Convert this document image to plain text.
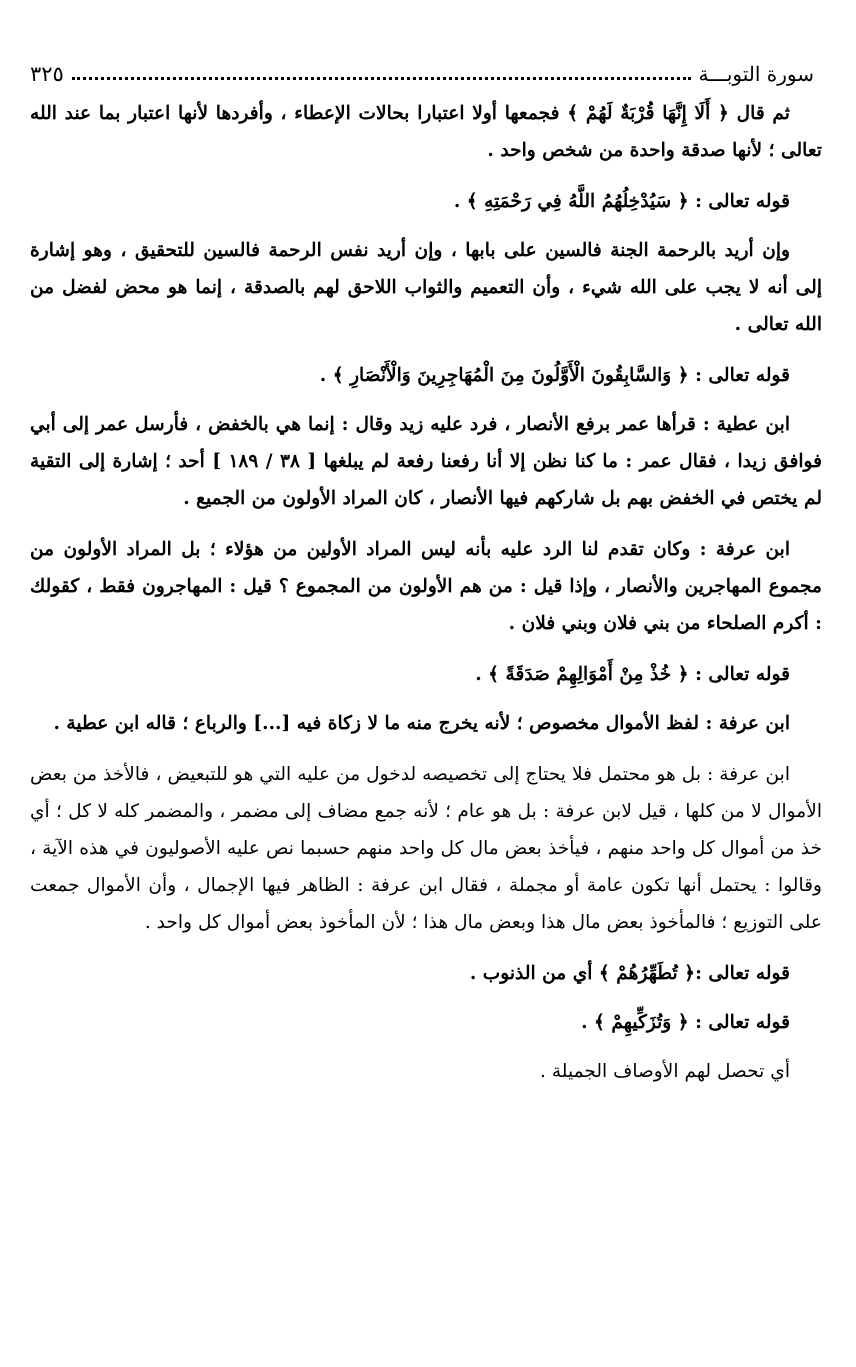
سورة التوبـــة
٣٢٥

ثم قال ﴿ أَلَا إِنَّهَا قُرْبَةٌ لَهُمْ ﴾ فجمعها أولا اعتبارا بحالات الإعطاء ، وأفردها لأنها اعتبار بما عند الله تعالى ؛ لأنها صدقة واحدة من شخص واحد .

قوله تعالى : ﴿ سَيُدْخِلُهُمُ اللَّهُ فِي رَحْمَتِهِ ﴾ .

وإن أريد بالرحمة الجنة فالسين على بابها ، وإن أريد نفس الرحمة فالسين للتحقيق ، وهو إشارة إلى أنه لا يجب على الله شيء ، وأن التعميم والثواب اللاحق لهم بالصدقة ، إنما هو محض لفضل من الله تعالى .

قوله تعالى : ﴿ وَالسَّابِقُونَ الْأَوَّلُونَ مِنَ الْمُهَاجِرِينَ وَالْأَنْصَارِ ﴾ .

ابن عطية : قرأها عمر برفع الأنصار ، فرد عليه زيد وقال : إنما هي بالخفض ، فأرسل عمر إلى أبي فوافق زيدا ، فقال عمر : ما كنا نظن إلا أنا رفعنا رفعة لم يبلغها [ ٣٨ / ١٨٩ ] أحد ؛ إشارة إلى التقية لم يختص في الخفض بهم بل شاركهم فيها الأنصار ، كان المراد الأولون من الجميع .

ابن عرفة : وكان تقدم لنا الرد عليه بأنه ليس المراد الأولين من هؤلاء ؛ بل المراد الأولون من مجموع المهاجرين والأنصار ، وإذا قيل : من هم الأولون من المجموع ؟ قيل : المهاجرون فقط ، كقولك : أكرم الصلحاء من بني فلان وبني فلان .

قوله تعالى : ﴿ خُذْ مِنْ أَمْوَالِهِمْ صَدَقَةً ﴾ .

ابن عرفة : لفظ الأموال مخصوص ؛ لأنه يخرج منه ما لا زكاة فيه [...] والرباع ؛ قاله ابن عطية .

ابن عرفة : بل هو محتمل فلا يحتاج إلى تخصيصه لدخول من عليه التي هو للتبعيض ، فالأخذ من بعض الأموال لا من كلها ، قيل لابن عرفة : بل هو عام ؛ لأنه جمع مضاف إلى مضمر ، والمضمر كله لا كل ؛ أي خذ من أموال كل واحد منهم ، فيأخذ بعض مال كل واحد منهم حسبما نص عليه الأصوليون في هذه الآية ، وقالوا : يحتمل أنها تكون عامة أو مجملة ، فقال ابن عرفة : الظاهر فيها الإجمال ، وأن الأموال جمعت على التوزيع ؛ فالمأخوذ بعض مال هذا وبعض مال هذا ؛ لأن المأخوذ بعض أموال كل واحد .

قوله تعالى :﴿ تُطَهِّرُهُمْ ﴾ أي من الذنوب .

قوله تعالى : ﴿ وَتُزَكِّيهِمْ ﴾ .

أي تحصل لهم الأوصاف الجميلة .
